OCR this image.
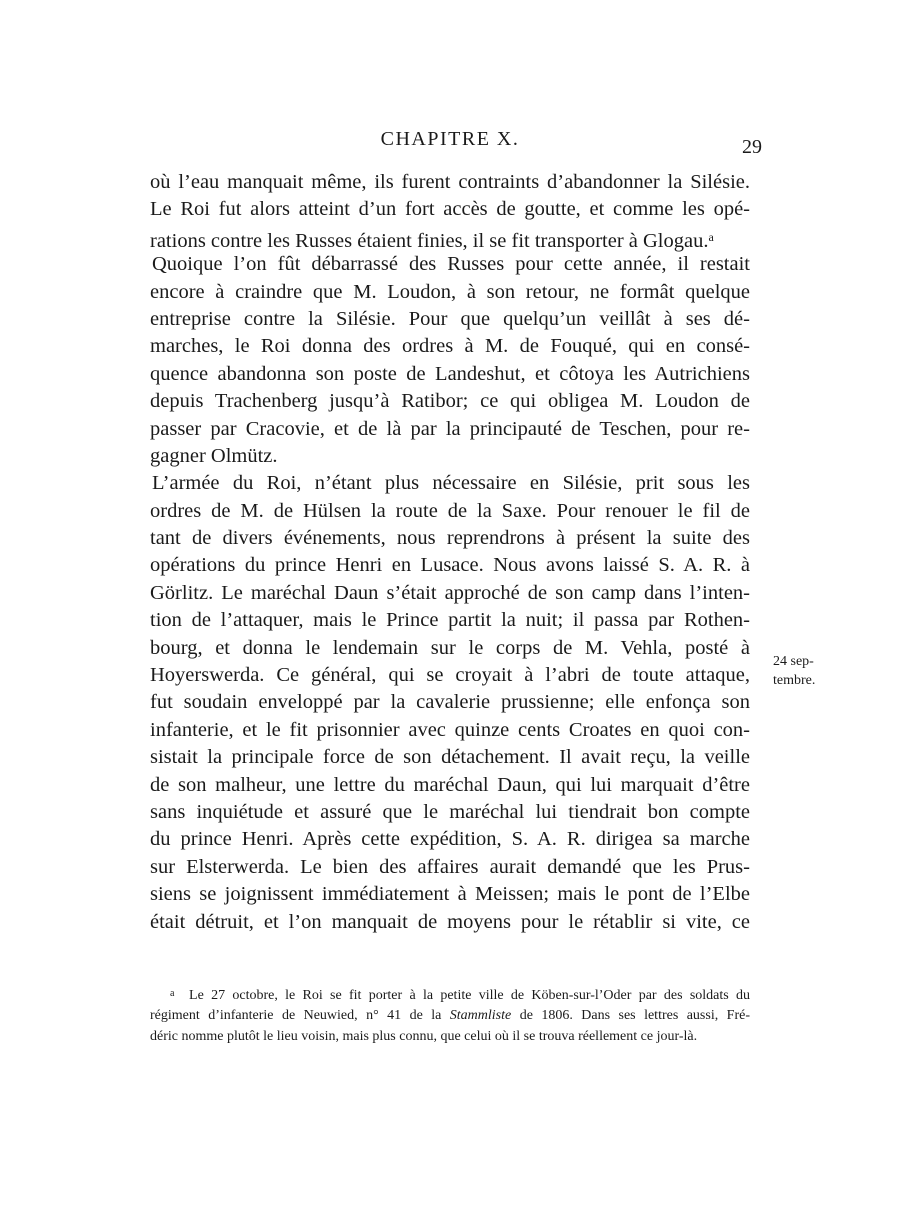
CHAPITRE X.	29
où l’eau manquait même, ils furent contraints d’abandonner la Silésie.
Le Roi fut alors atteint d’un fort accès de goutte, et comme les opé-
rations contre les Russes étaient finies, il se fit transporter à Glogau.$^a$
Quoique l’on fût débarrassé des Russes pour cette année, il restait
encore à craindre que M. Loudon, à son retour, ne formât quelque
entreprise contre la Silésie. Pour que quelqu’un veillât à ses dé-
marches, le Roi donna des ordres à M. de Fouqué, qui en consé-
quence abandonna son poste de Landeshut, et côtoya les Autrichiens
depuis Trachenberg jusqu’à Ratibor; ce qui obligea M. Loudon de
passer par Cracovie, et de là par la principauté de Teschen, pour re-
gagner Olmütz.
L’armée du Roi, n’étant plus nécessaire en Silésie, prit sous les
ordres de M. de Hülsen la route de la Saxe. Pour renouer le fil de
tant de divers événements, nous reprendrons à présent la suite des
opérations du prince Henri en Lusace. Nous avons laissé S. A. R. à
Görlitz. Le maréchal Daun s’était approché de son camp dans l’inten-
tion de l’attaquer, mais le Prince partit la nuit; il passa par Rothen-
bourg, et donna le lendemain sur le corps de M. Vehla, posté à
Hoyerswerda. Ce général, qui se croyait à l’abri de toute attaque,
fut soudain enveloppé par la cavalerie prussienne; elle enfonça son
infanterie, et le fit prisonnier avec quinze cents Croates en quoi con-
sistait la principale force de son détachement. Il avait reçu, la veille
de son malheur, une lettre du maréchal Daun, qui lui marquait d’être
sans inquiétude et assuré que le maréchal lui tiendrait bon compte
du prince Henri. Après cette expédition, S. A. R. dirigea sa marche
sur Elsterwerda. Le bien des affaires aurait demandé que les Prus-
siens se joignissent immédiatement à Meissen; mais le pont de l’Elbe
était détruit, et l’on manquait de moyens pour le rétablir si vite, ce
24 sep-
tembre.
$^a$ Le 27 octobre, le Roi se fit porter à la petite ville de Köben-sur-l’Oder par des soldats du
régiment d’infanterie de Neuwied, n° 41 de la Stammliste de 1806. Dans ses lettres aussi, Fré-
déric nomme plutôt le lieu voisin, mais plus connu, que celui où il se trouva réellement ce jour-là.
